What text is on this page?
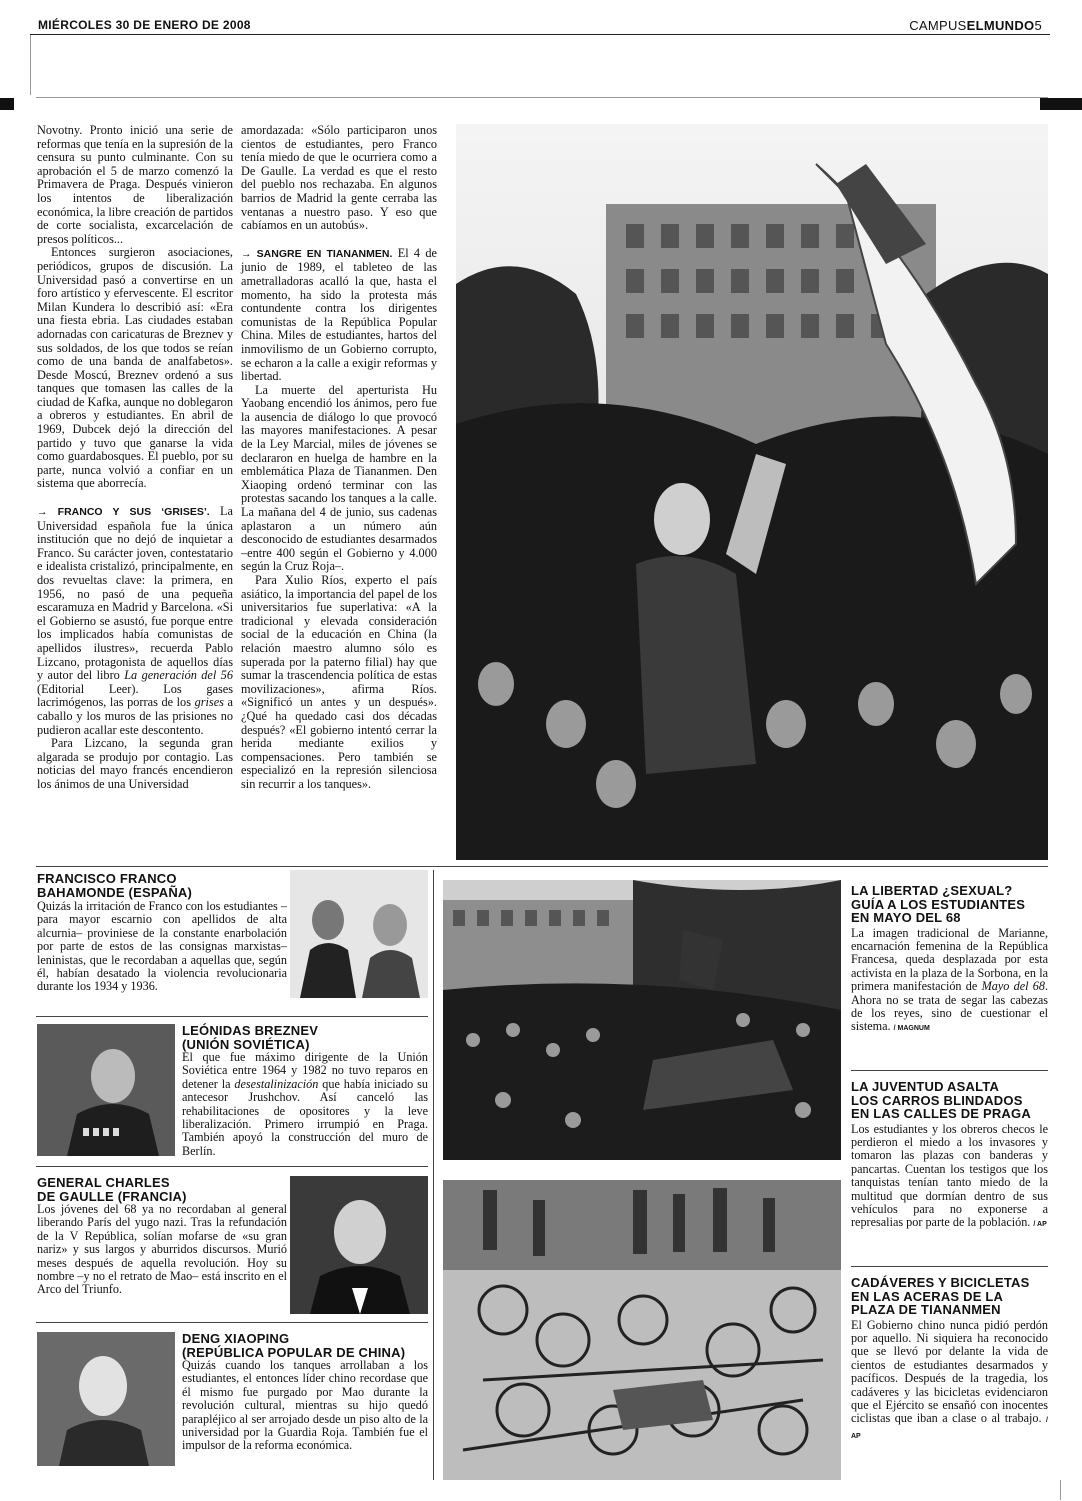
MIÉRCOLES 30 DE ENERO DE 2008	CAMPUSELMUNDO5

Novotny. Pronto inició una serie de reformas que tenía en la supresión de la censura su punto culminante. Con su aprobación el 5 de marzo comenzó la Primavera de Praga. Después vinieron los intentos de liberalización económica, la libre creación de partidos de corte socialista, excarcelación de presos políticos...

Entonces surgieron asociaciones, periódicos, grupos de discusión. La Universidad pasó a convertirse en un foro artístico y efervescente. El escritor Milan Kundera lo describió así: «Era una fiesta ebria. Las ciudades estaban adornadas con caricaturas de Breznev y sus soldados, de los que todos se reían como de una banda de analfabetos». Desde Moscú, Breznev ordenó a sus tanques que tomasen las calles de la ciudad de Kafka, aunque no doblegaron a obreros y estudiantes. En abril de 1969, Dubcek dejó la dirección del partido y tuvo que ganarse la vida como guardabosques. El pueblo, por su parte, nunca volvió a confiar en un sistema que aborrecía.

→ FRANCO Y SUS ‘GRISES’. La Universidad española fue la única institución que no dejó de inquietar a Franco. Su carácter joven, contestatario e idealista cristalizó, principalmente, en dos revueltas clave: la primera, en 1956, no pasó de una pequeña escaramuza en Madrid y Barcelona. «Si el Gobierno se asustó, fue porque entre los implicados había comunistas de apellidos ilustres», recuerda Pablo Lizcano, protagonista de aquellos días y autor del libro La generación del 56 (Editorial Leer). Los gases lacrimógenos, las porras de los grises a caballo y los muros de las prisiones no pudieron acallar este descontento.

Para Lizcano, la segunda gran algarada se produjo por contagio. Las noticias del mayo francés encendieron los ánimos de una Universidad

amordazada: «Sólo participaron unos cientos de estudiantes, pero Franco tenía miedo de que le ocurriera como a De Gaulle. La verdad es que el resto del pueblo nos rechazaba. En algunos barrios de Madrid la gente cerraba las ventanas a nuestro paso. Y eso que cabíamos en un autobús».

→ SANGRE EN TIANANMEN. El 4 de junio de 1989, el tableteo de las ametralladoras acalló la que, hasta el momento, ha sido la protesta más contundente contra los dirigentes comunistas de la República Popular China. Miles de estudiantes, hartos del inmovilismo de un Gobierno corrupto, se echaron a la calle a exigir reformas y libertad.

La muerte del aperturista Hu Yaobang encendió los ánimos, pero fue la ausencia de diálogo lo que provocó las mayores manifestaciones. A pesar de la Ley Marcial, miles de jóvenes se declararon en huelga de hambre en la emblemática Plaza de Tiananmen. Den Xiaoping ordenó terminar con las protestas sacando los tanques a la calle. La mañana del 4 de junio, sus cadenas aplastaron a un número aún desconocido de estudiantes desarmados –entre 400 según el Gobierno y 4.000 según la Cruz Roja–.

Para Xulio Ríos, experto el país asiático, la importancia del papel de los universitarios fue superlativa: «A la tradicional y elevada consideración social de la educación en China (la relación maestro alumno sólo es superada por la paterno filial) hay que sumar la trascendencia política de estas movilizaciones», afirma Ríos. «Significó un antes y un después». ¿Qué ha quedado casi dos décadas después? «El gobierno intentó cerrar la herida mediante exilios y compensaciones. Pero también se especializó en la represión silenciosa sin recurrir a los tanques».

FRANCISCO FRANCO
BAHAMONDE (ESPAÑA)
Quizás la irritación de Franco con los estudiantes –para mayor escarnio con apellidos de alta alcurnia– proviniese de la constante enarbolación por parte de estos de las consignas marxistas–leninistas, que le recordaban a aquellas que, según él, habían desatado la violencia revolucionaria durante los 1934 y 1936.
LEÓNIDAS BREZNEV
(UNIÓN SOVIÉTICA)
El que fue máximo dirigente de la Unión Soviética entre 1964 y 1982 no tuvo reparos en detener la desestalinización que había iniciado su antecesor Jrushchov. Así canceló las rehabilitaciones de opositores y la leve liberalización. Primero irrumpió en Praga. También apoyó la construcción del muro de Berlín.
GENERAL CHARLES
DE GAULLE (FRANCIA)
Los jóvenes del 68 ya no recordaban al general liberando París del yugo nazi. Tras la refundación de la V República, solían mofarse de «su gran nariz» y sus largos y aburridos discursos. Murió meses después de aquella revolución. Hoy su nombre –y no el retrato de Mao– está inscrito en el Arco del Triunfo.
DENG XIAOPING
(REPÚBLICA POPULAR DE CHINA)
Quizás cuando los tanques arrollaban a los estudiantes, el entonces líder chino recordase que él mismo fue purgado por Mao durante la revolución cultural, mientras su hijo quedó parapléjico al ser arrojado desde un piso alto de la universidad por la Guardia Roja. También fue el impulsor de la reforma económica.
LA LIBERTAD ¿SEXUAL?
GUÍA A LOS ESTUDIANTES
EN MAYO DEL 68
La imagen tradicional de Marianne, encarnación femenina de la República Francesa, queda desplazada por esta activista en la plaza de la Sorbona, en la primera manifestación de Mayo del 68. Ahora no se trata de segar las cabezas de los reyes, sino de cuestionar el sistema. / MAGNUM
LA JUVENTUD ASALTA
LOS CARROS BLINDADOS
EN LAS CALLES DE PRAGA
Los estudiantes y los obreros checos le perdieron el miedo a los invasores y tomaron las plazas con banderas y pancartas. Cuentan los testigos que los tanquistas tenían tanto miedo de la multitud que dormían dentro de sus vehículos para no exponerse a represalias por parte de la población. / AP
CADÁVERES Y BICICLETAS
EN LAS ACERAS DE LA
PLAZA DE TIANANMEN
El Gobierno chino nunca pidió perdón por aquello. Ni siquiera ha reconocido que se llevó por delante la vida de cientos de estudiantes desarmados y pacíficos. Después de la tragedia, los cadáveres y las bicicletas evidenciaron que el Ejército se ensañó con inocentes ciclistas que iban a clase o al trabajo. / AP
